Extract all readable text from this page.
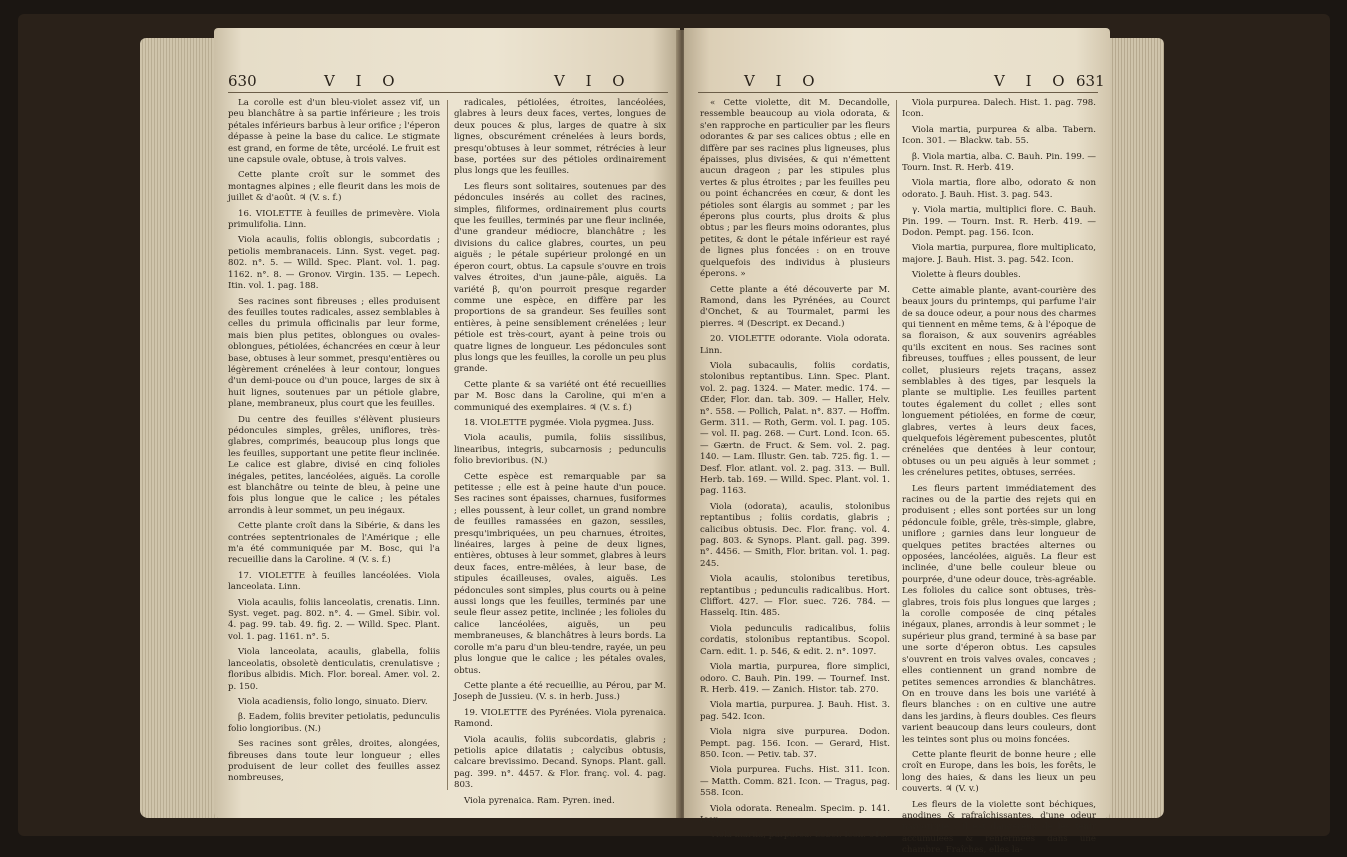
630	V I O	V I O

La corolle est d'un bleu-violet assez vif, un peu blanchâtre à sa partie inférieure ; les trois pétales inférieurs barbus à leur orifice ; l'éperon dépasse à peine la base du calice. Le stigmate est grand, en forme de tête, urcéolé. Le fruit est une capsule ovale, obtuse, à trois valves.

Cette plante croît sur le sommet des montagnes alpines ; elle fleurit dans les mois de juillet & d'août. ♃ (V. s. f.)

16. VIOLETTE à feuilles de primevère. Viola primulifolia. Linn.

Viola acaulis, foliis oblongis, subcordatis ; petiolis membranaceis. Linn. Syst. veget. pag. 802. n°. 5. — Willd. Spec. Plant. vol. 1. pag. 1162. n°. 8. — Gronov. Virgin. 135. — Lepech. Itin. vol. 1. pag. 188.

Ses racines sont fibreuses ; elles produisent des feuilles toutes radicales, assez semblables à celles du primula officinalis par leur forme, mais bien plus petites, oblongues ou ovales-oblongues, pétiolées, échancrées en cœur à leur base, obtuses à leur sommet, presqu'entières ou légèrement crénelées à leur contour, longues d'un demi-pouce ou d'un pouce, larges de six à huit lignes, soutenues par un pétiole glabre, plane, membraneux, plus court que les feuilles.

Du centre des feuilles s'élèvent plusieurs pédoncules simples, grêles, uniflores, très-glabres, comprimés, beaucoup plus longs que les feuilles, supportant une petite fleur inclinée. Le calice est glabre, divisé en cinq folioles inégales, petites, lancéolées, aiguës. La corolle est blanchâtre ou teinte de bleu, à peine une fois plus longue que le calice ; les pétales arrondis à leur sommet, un peu inégaux.

Cette plante croît dans la Sibérie, & dans les contrées septentrionales de l'Amérique ; elle m'a été communiquée par M. Bosc, qui l'a recueillie dans la Caroline. ♃ (V. s. f.)

17. VIOLETTE à feuilles lancéolées. Viola lanceolata. Linn.

Viola acaulis, foliis lanceolatis, crenatis. Linn. Syst. veget. pag. 802. n°. 4. — Gmel. Sibir. vol. 4. pag. 99. tab. 49. fig. 2. — Willd. Spec. Plant. vol. 1. pag. 1161. n°. 5.

Viola lanceolata, acaulis, glabella, foliis lanceolatis, obsoletè denticulatis, crenulatisve ; floribus albidis. Mich. Flor. boreal. Amer. vol. 2. p. 150.

Viola acadiensis, folio longo, sinuato. Dierv.

β. Eadem, foliis breviter petiolatis, pedunculis folio longioribus. (N.)

Ses racines sont grêles, droites, alongées, fibreuses dans toute leur longueur ; elles produisent de leur collet des feuilles assez nombreuses,

radicales, pétiolées, étroites, lancéolées, glabres à leurs deux faces, vertes, longues de deux pouces & plus, larges de quatre à six lignes, obscurément crénelées à leurs bords, presqu'obtuses à leur sommet, rétrécies à leur base, portées sur des pétioles ordinairement plus longs que les feuilles.

Les fleurs sont solitaires, soutenues par des pédoncules insérés au collet des racines, simples, filiformes, ordinairement plus courts que les feuilles, terminés par une fleur inclinée, d'une grandeur médiocre, blanchâtre ; les divisions du calice glabres, courtes, un peu aiguës ; le pétale supérieur prolongé en un éperon court, obtus. La capsule s'ouvre en trois valves étroites, d'un jaune-pâle, aiguës. La variété β, qu'on pourroit presque regarder comme une espèce, en diffère par les proportions de sa grandeur. Ses feuilles sont entières, à peine sensiblement crénelées ; leur pétiole est très-court, ayant à peine trois ou quatre lignes de longueur. Les pédoncules sont plus longs que les feuilles, la corolle un peu plus grande.

Cette plante & sa variété ont été recueillies par M. Bosc dans la Caroline, qui m'en a communiqué des exemplaires. ♃ (V. s. f.)

18. VIOLETTE pygmée. Viola pygmea. Juss.

Viola acaulis, pumila, foliis sissilibus, linearibus, integris, subcarnosis ; pedunculis folio brevioribus. (N.)

Cette espèce est remarquable par sa petitesse ; elle est à peine haute d'un pouce. Ses racines sont épaisses, charnues, fusiformes ; elles poussent, à leur collet, un grand nombre de feuilles ramassées en gazon, sessiles, presqu'imbriquées, un peu charnues, étroites, linéaires, larges à peine de deux lignes, entières, obtuses à leur sommet, glabres à leurs deux faces, entre-mêlées, à leur base, de stipules écailleuses, ovales, aiguës. Les pédoncules sont simples, plus courts ou à peine aussi longs que les feuilles, terminés par une seule fleur assez petite, inclinée ; les folioles du calice lancéolées, aiguës, un peu membraneuses, & blanchâtres à leurs bords. La corolle m'a paru d'un bleu-tendre, rayée, un peu plus longue que le calice ; les pétales ovales, obtus.

Cette plante a été recueillie, au Pérou, par M. Joseph de Jussieu. (V. s. in herb. Juss.)

19. VIOLETTE des Pyrénées. Viola pyrenaica. Ramond.

Viola acaulis, foliis subcordatis, glabris ; petiolis apice dilatatis ; calycibus obtusis, calcare brevissimo. Decand. Synops. Plant. gall. pag. 399. n°. 4457. & Flor. franç. vol. 4. pag. 803.

Viola pyrenaica. Ram. Pyren. ined.

V I O	V I O 631

« Cette violette, dit M. Decandolle, ressemble beaucoup au viola odorata, & s'en rapproche en particulier par les fleurs odorantes & par ses calices obtus ; elle en diffère par ses racines plus ligneuses, plus épaisses, plus divisées, & qui n'émettent aucun drageon ; par les stipules plus vertes & plus étroites ; par les feuilles peu ou point échancrées en cœur, & dont les pétioles sont élargis au sommet ; par les éperons plus courts, plus droits & plus obtus ; par les fleurs moins odorantes, plus petites, & dont le pétale inférieur est rayé de lignes plus foncées : on en trouve quelquefois des individus à plusieurs éperons. »

Cette plante a été découverte par M. Ramond, dans les Pyrénées, au Courct d'Onchet, & au Tourmalet, parmi les pierres. ♃ (Descript. ex Decand.)

20. VIOLETTE odorante. Viola odorata. Linn.

Viola subacaulis, foliis cordatis, stolonibus reptantibus. Linn. Spec. Plant. vol. 2. pag. 1324. — Mater. medic. 174. — Œder, Flor. dan. tab. 309. — Haller, Helv. n°. 558. — Pollich, Palat. n°. 837. — Hoffm. Germ. 311. — Roth, Germ. vol. I. pag. 105. — vol. II. pag. 268. — Curt. Lond. Icon. 65. — Gærtn. de Fruct. & Sem. vol. 2. pag. 140. — Lam. Illustr. Gen. tab. 725. fig. 1. — Desf. Flor. atlant. vol. 2. pag. 313. — Bull. Herb. tab. 169. — Willd. Spec. Plant. vol. 1. pag. 1163.

Viola (odorata), acaulis, stolonibus reptantibus ; foliis cordatis, glabris ; calicibus obtusis. Dec. Flor. franç. vol. 4. pag. 803. & Synops. Plant. gall. pag. 399. n°. 4456. — Smith, Flor. britan. vol. 1. pag. 245.

Viola acaulis, stolonibus teretibus, reptantibus ; pedunculis radicalibus. Hort. Cliffort. 427. — Flor. suec. 726. 784. — Hasselq. Itin. 485.

Viola pedunculis radicalibus, foliis cordatis, stolonibus reptantibus. Scopol. Carn. edit. 1. p. 546, & edit. 2. n°. 1097.

Viola martia, purpurea, flore simplici, odoro. C. Bauh. Pin. 199. — Tournef. Inst. R. Herb. 419. — Zanich. Histor. tab. 270.

Viola martia, purpurea. J. Bauh. Hist. 3. pag. 542. Icon.

Viola nigra sive purpurea. Dodon. Pempt. pag. 156. Icon. — Gerard, Hist. 850. Icon. — Petiv. tab. 37.

Viola purpurea. Fuchs. Hist. 311. Icon. — Matth. Comm. 821. Icon. — Tragus, pag. 558. Icon.

Viola odorata. Renealm. Specim. p. 141. Icon.

Viola martia, purpurea. Lobel. Icon. 610.

Viola purpurea. Dalech. Hist. 1. pag. 798. Icon.

Viola martia, purpurea & alba. Tabern. Icon. 301. — Blackw. tab. 55.

β. Viola martia, alba. C. Bauh. Pin. 199. — Tourn. Inst. R. Herb. 419.

Viola martia, flore albo, odorato & non odorato. J. Bauh. Hist. 3. pag. 543.

γ. Viola martia, multiplici flore. C. Bauh. Pin. 199. — Tourn. Inst. R. Herb. 419. — Dodon. Pempt. pag. 156. Icon.

Viola martia, purpurea, flore multiplicato, majore. J. Bauh. Hist. 3. pag. 542. Icon.

Violette à fleurs doubles.

Cette aimable plante, avant-courière des beaux jours du printemps, qui parfume l'air de sa douce odeur, a pour nous des charmes qui tiennent en même tems, & à l'époque de sa floraison, & aux souvenirs agréables qu'ils excitent en nous. Ses racines sont fibreuses, touffues ; elles poussent, de leur collet, plusieurs rejets traçans, assez semblables à des tiges, par lesquels la plante se multiplie. Les feuilles partent toutes également du collet ; elles sont longuement pétiolées, en forme de cœur, glabres, vertes à leurs deux faces, quelquefois légèrement pubescentes, plutôt crénelées que dentées à leur contour, obtuses ou un peu aiguës à leur sommet ; les crénelures petites, obtuses, serrées.

Les fleurs partent immédiatement des racines ou de la partie des rejets qui en produisent ; elles sont portées sur un long pédoncule foible, grêle, très-simple, glabre, uniflore ; garnies dans leur longueur de quelques petites bractées alternes ou opposées, lancéolées, aiguës. La fleur est inclinée, d'une belle couleur bleue ou pourprée, d'une odeur douce, très-agréable. Les folioles du calice sont obtuses, très-glabres, trois fois plus longues que larges ; la corolle composée de cinq pétales inégaux, planes, arrondis à leur sommet ; le supérieur plus grand, terminé à sa base par une sorte d'éperon obtus. Les capsules s'ouvrent en trois valves ovales, concaves ; elles contiennent un grand nombre de petites semences arrondies & blanchâtres. On en trouve dans les bois une variété à fleurs blanches : on en cultive une autre dans les jardins, à fleurs doubles. Ces fleurs varient beaucoup dans leurs couleurs, dont les teintes sont plus ou moins foncées.

Cette plante fleurit de bonne heure ; elle croît en Europe, dans les bois, les forêts, le long des haies, & dans les lieux un peu couverts. ♃ (V. v.)

Les fleurs de la violette sont béchiques, anodines & rafraîchissantes, d'une odeur narcotique ; il est dangereux de les tenir accumulées & renfermées dans une chambre. Fraîches, elles la-
